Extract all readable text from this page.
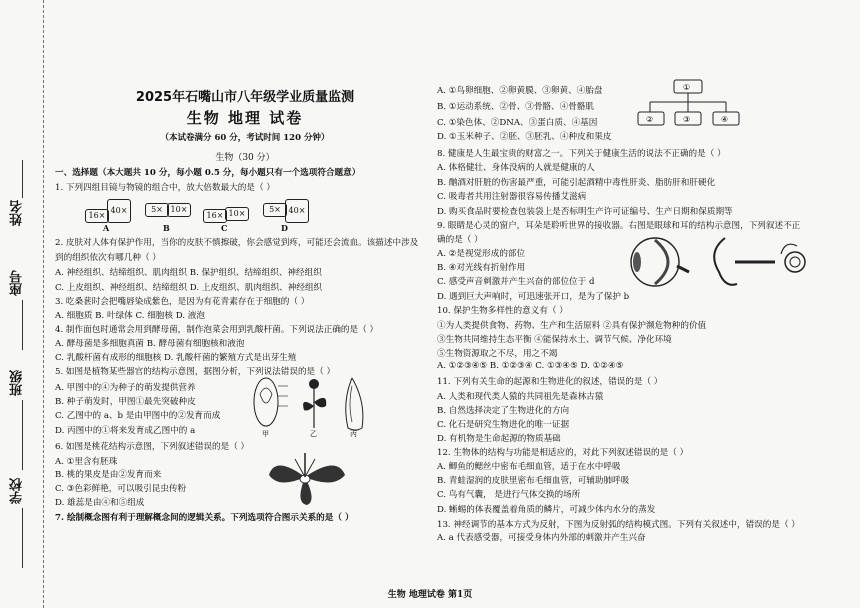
姓名
座号
班级
学校
2025年石嘴山市八年级学业质量监测
生物 地理 试卷
（本试卷满分 60 分，考试时间 120 分钟）
生物（30 分）
一、选择题（本大题共 10 分，每小题 0.5 分，每小题只有一个选项符合题意）
1. 下列四组目镜与物镜的组合中，放大倍数最大的是（ ）
2. 皮肤对人体有保护作用，当你的皮肤不慎擦破，你会感觉到疼，可能还会流血。该描述中涉及
到的组织依次有哪几种（ ）
A. 神经组织、结缔组织、肌肉组织 B. 保护组织、结缔组织、神经组织
C. 上皮组织、神经组织、结缔组织 D. 上皮组织、肌肉组织、神经组织
3. 吃桑葚时会把嘴唇染成紫色，是因为有花青素存在于细胞的（ ）
A. 细胞质 B. 叶绿体 C. 细胞核 D. 液泡
4. 制作面包时通常会用到酵母菌，制作泡菜会用到乳酸杆菌。下列说法正确的是（ ）
A. 酵母菌是多细胞真菌 B. 酵母菌有细胞核和液泡
C. 乳酸杆菌有成形的细胞核 D. 乳酸杆菌的繁殖方式是出芽生殖
5. 如图是植物某些器官的结构示意图，据图分析，下列说法错误的是（ ）
A. 甲图中的④为种子的萌发提供营养
B. 种子萌发时，甲图①最先突破种皮
C. 乙图中的 a、b 是由甲图中的②发育而成
D. 丙图中的①将来发育成乙图中的 a
6. 如图是桃花结构示意图，下列叙述错误的是（ ）
A. ①里含有胚珠
B. 桃的果皮是由②发育而来
C. ③色彩鲜艳，可以吸引昆虫传粉
D. 雄蕊是由④和⑤组成
7. 绘制概念图有利于理解概念间的逻辑关系。下列选项符合图示关系的是（ ）
A. ①鸟卵细胞、②卵黄膜、③卵黄、④胎盘
B. ①运动系统、②骨、③骨骼、④骨骼肌
C. ①染色体、②DNA、③蛋白质、④基因
D. ①玉米种子、②胚、③胚乳、④种皮和果皮
8. 健康是人生最宝贵的财富之一。下列关于健康生活的说法不正确的是（ ）
A. 体格健壮、身体没病的人就是健康的人
B. 酗酒对肝脏的伤害最严重，可能引起酒精中毒性肝炎、脂肪肝和肝硬化
C. 吸毒者共用注射器很容易传播艾滋病
D. 购买食品时要检查包装袋上是否标明生产许可证编号、生产日期和保质期等
9. 眼睛是心灵的窗户，耳朵是聆听世界的接收器。右图是眼球和耳的结构示意图，下列叙述不正
确的是（ ）
A. ②是视觉形成的部位
B. ④对光线有折射作用
C. 感受声音刺激并产生兴奋的部位位于 d
D. 遇到巨大声响时，可迅速张开口，是为了保护 b
10. 保护生物多样性的意义有（ ）
①为人类提供食物、药物、生产和生活原料 ②具有保护濒危物种的价值
③生物共同维持生态平衡 ④能保持水土、调节气候、净化环境
⑤生物资源取之不尽，用之不竭
A. ①②③④⑤ B. ①②③④ C. ①③④⑤ D. ①②④⑤
11. 下列有关生命的起源和生物进化的叙述，错误的是（ ）
A. 人类和现代类人猿的共同祖先是森林古猿
B. 自然选择决定了生物进化的方向
C. 化石是研究生物进化的唯一证据
D. 有机物是生命起源的物质基础
12. 生物体的结构与功能是相适应的，对此下列叙述错误的是（ ）
A. 鲫鱼的鳃丝中密布毛细血管，适于在水中呼吸
B. 青蛙湿润的皮肤里密布毛细血管，可辅助肺呼吸
C. 鸟有气囊， 是进行气体交换的场所
D. 蜥蜴的体表覆盖着角质的鳞片，可减少体内水分的蒸发
13. 神经调节的基本方式为反射，下图为反射弧的结构模式图。下列有关叙述中，错误的是（ ）
A. a 代表感受器，可接受身体内外部的刺激并产生兴奋
16×
40×
A
5× 10×
B
16× 10×
C
5× 40×
D
甲	乙	丙
①
②	③	④
生物 地理试卷 第1页
